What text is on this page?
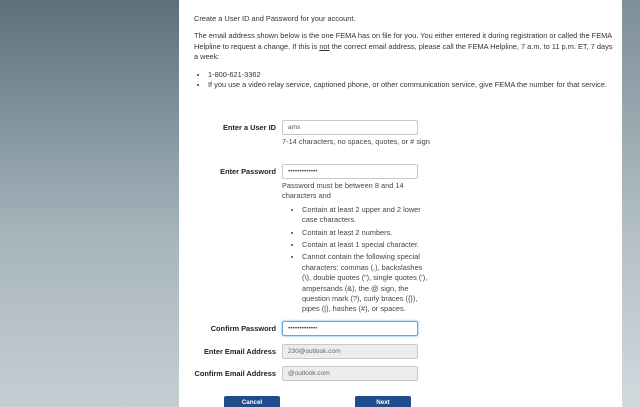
Create a User ID and Password for your account.

The email address shown below is the one FEMA has on file for you. You either entered it during registration or called the FEMA Helpline to request a change. If this is not the correct email address, please call the FEMA Helpline, 7 a.m. to 11 p.m. ET, 7 days a week:

• 1-800-621-3362
• If you use a video relay service, captioned phone, or other communication service, give FEMA the number for that service.
Enter a User ID
ams
7-14 characters, no spaces, quotes, or # sign
Enter Password
•••••••••••••
Password must be between 8 and 14 characters and
• Contain at least 2 upper and 2 lower case characters.
• Contain at least 2 numbers.
• Contain at least 1 special character.
• Cannot contain the following special characters: commas (,), backslashes (\), double quotes ("), single quotes ('), ampersands (&), the @ sign, the question mark (?), curly braces ({}), pipes (|), hashes (#), or spaces.
Confirm Password
•••••••••••••
Enter Email Address
230@outlook.com
Confirm Email Address
@outlook.com
Cancel	Next
